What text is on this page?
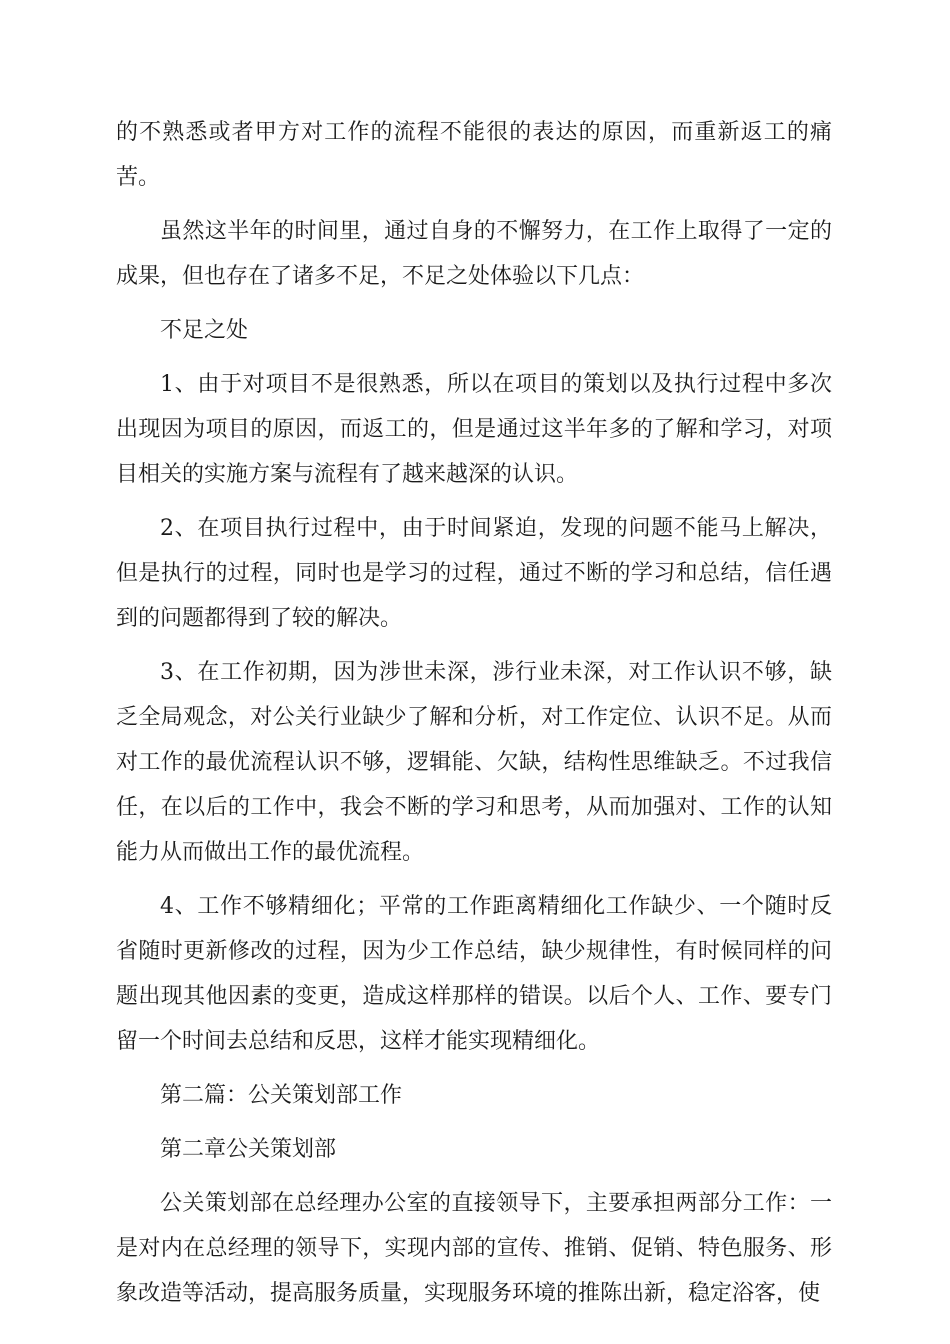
的不熟悉或者甲方对工作的流程不能很的表达的原因，而重新返工的痛苦。

虽然这半年的时间里，通过自身的不懈努力，在工作上取得了一定的成果，但也存在了诸多不足，不足之处体验以下几点：

不足之处

1、由于对项目不是很熟悉，所以在项目的策划以及执行过程中多次出现因为项目的原因，而返工的，但是通过这半年多的了解和学习，对项目相关的实施方案与流程有了越来越深的认识。

2、在项目执行过程中，由于时间紧迫，发现的问题不能马上解决，但是执行的过程，同时也是学习的过程，通过不断的学习和总结，信任遇到的问题都得到了较的解决。

3、在工作初期，因为涉世未深，涉行业未深，对工作认识不够，缺乏全局观念，对公关行业缺少了解和分析，对工作定位、认识不足。从而对工作的最优流程认识不够，逻辑能、欠缺，结构性思维缺乏。不过我信任，在以后的工作中，我会不断的学习和思考，从而加强对、工作的认知能力从而做出工作的最优流程。

4、工作不够精细化；平常的工作距离精细化工作缺少、一个随时反省随时更新修改的过程，因为少工作总结，缺少规律性，有时候同样的问题出现其他因素的变更，造成这样那样的错误。以后个人、工作、要专门留一个时间去总结和反思，这样才能实现精细化。

第二篇：公关策划部工作

第二章公关策划部

公关策划部在总经理办公室的直接领导下，主要承担两部分工作：一是对内在总经理的领导下，实现内部的宣传、推销、促销、特色服务、形象改造等活动，提高服务质量，实现服务环境的推陈出新，稳定浴客，使
